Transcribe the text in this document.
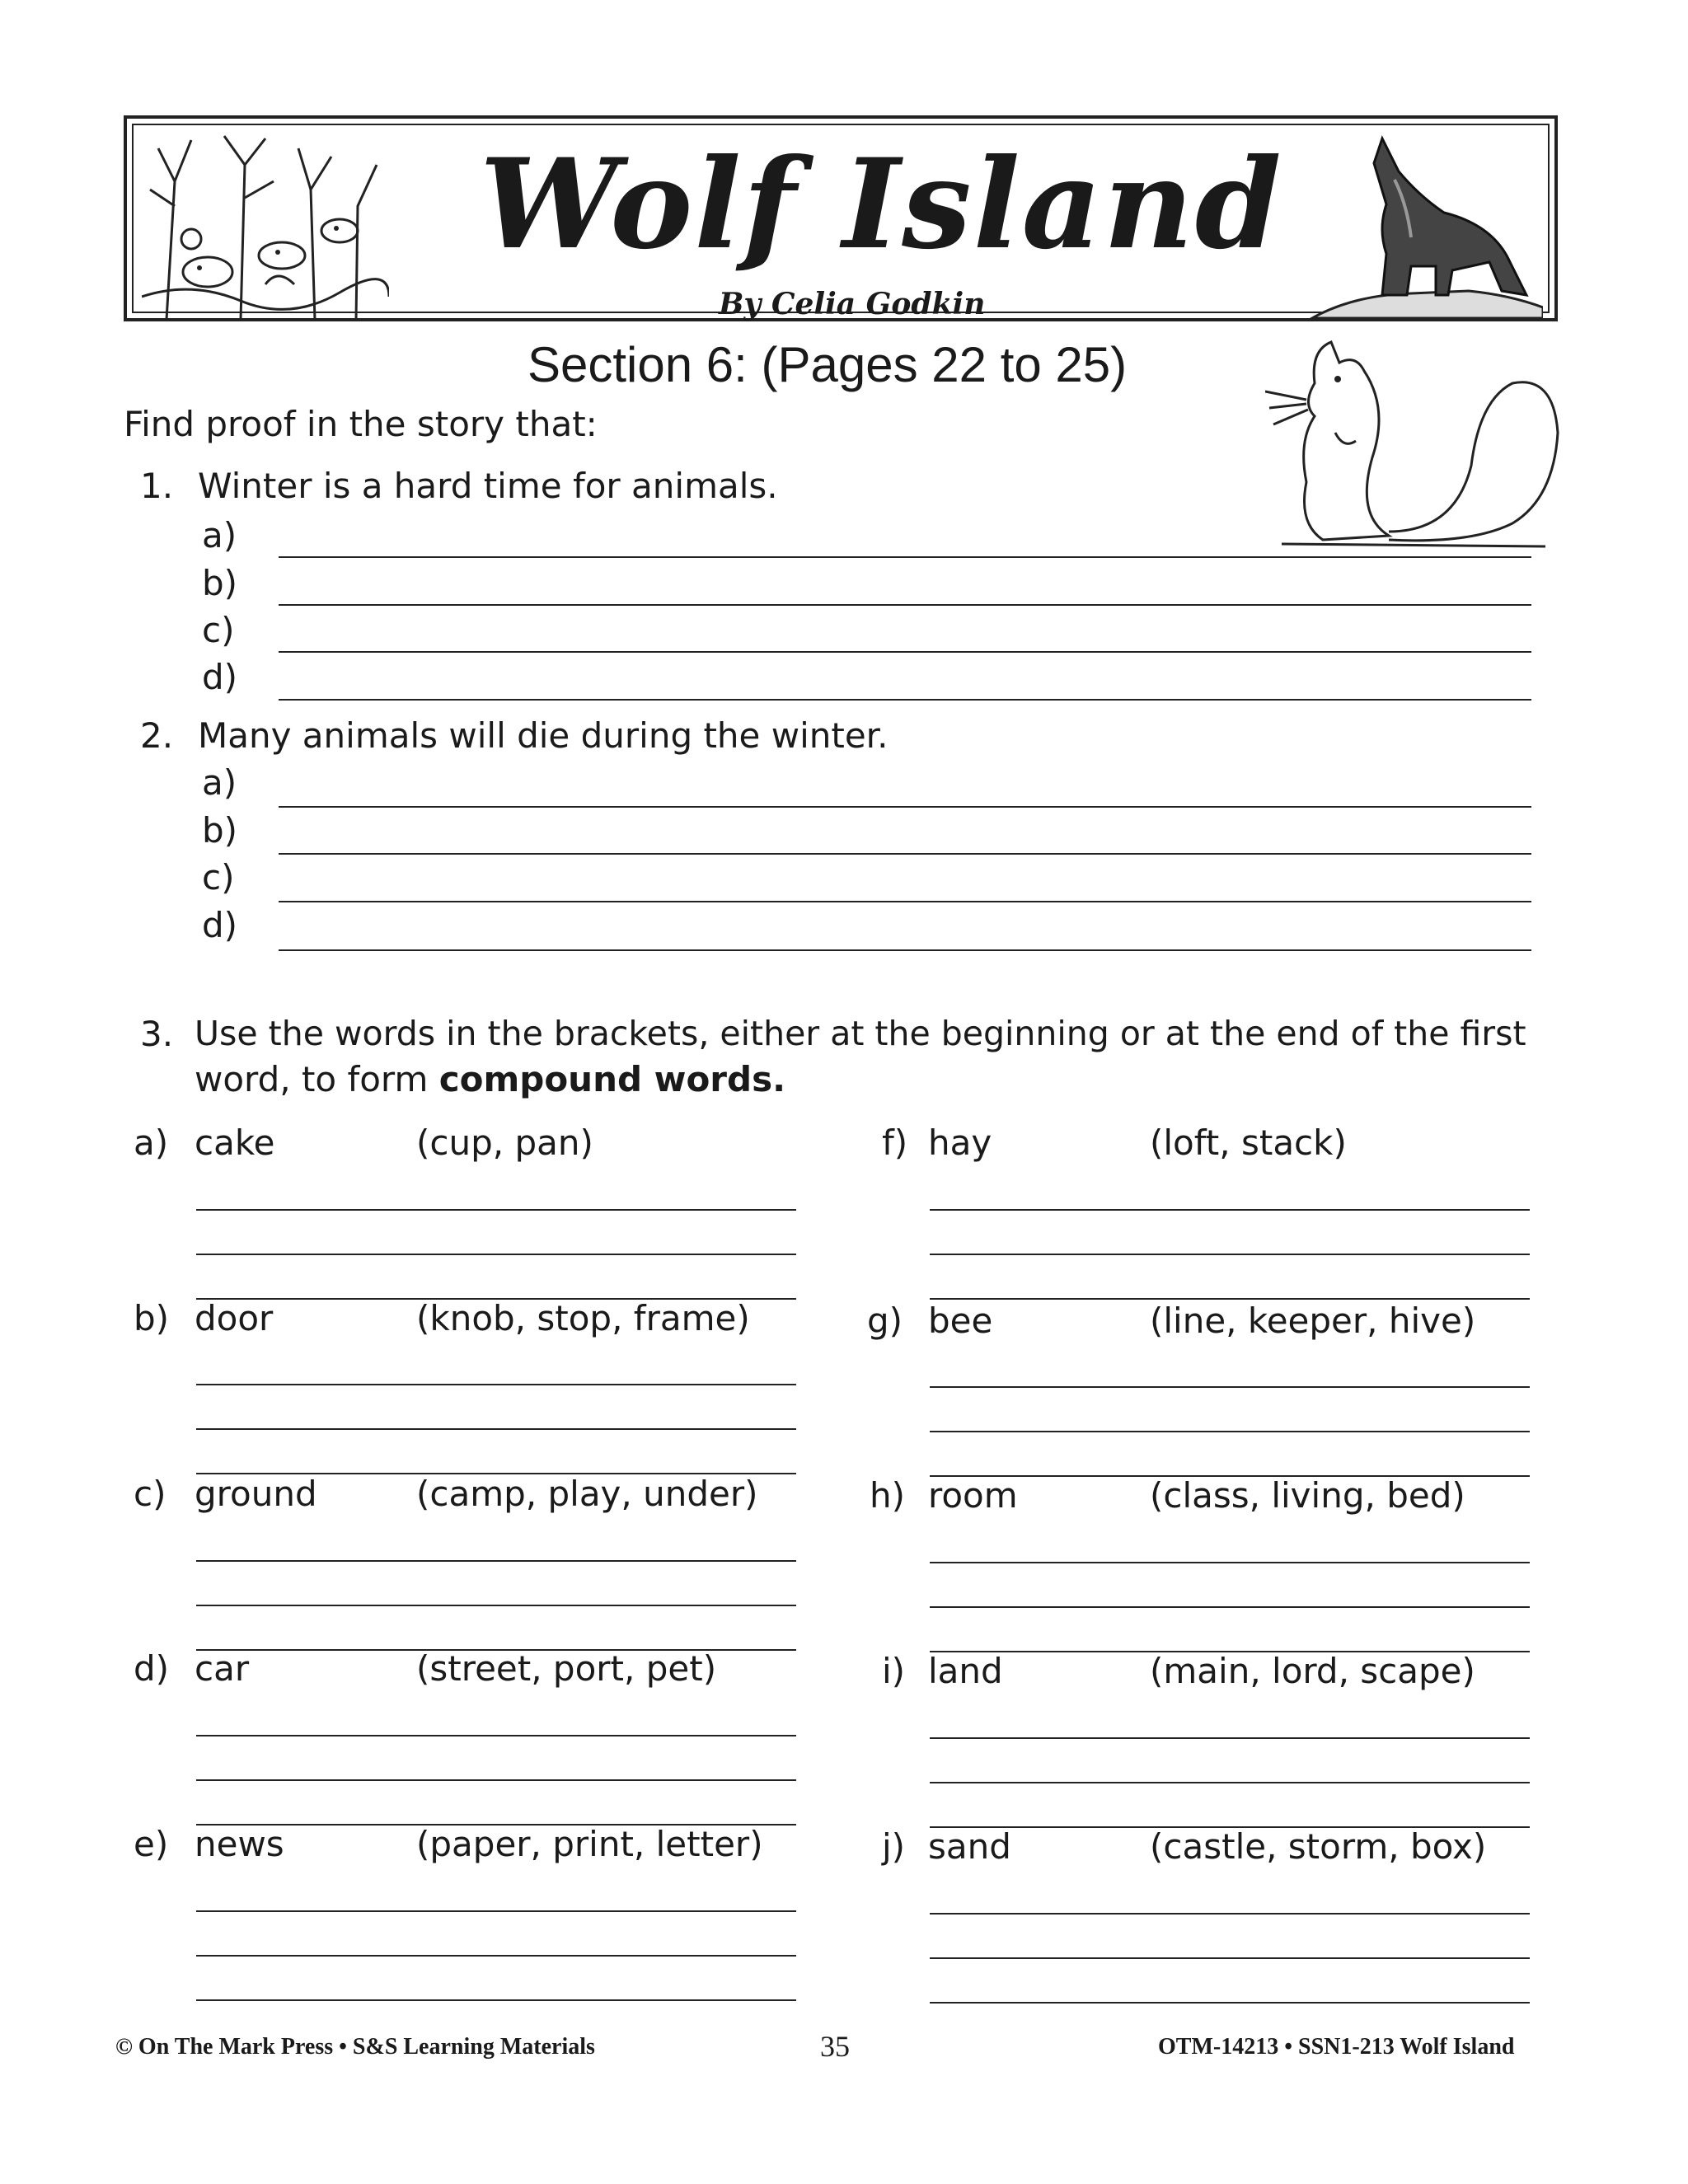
Wolf Island
By Celia Godkin
Section 6: (Pages 22 to 25)
Find proof in the story that:
1. Winter is a hard time for animals.
a)
b)
c)
d)
2. Many animals will die during the winter.
a)
b)
c)
d)
3. Use the words in the brackets, either at the beginning or at the end of the first
word, to form compound words.
a) cake	(cup, pan)
b) door	(knob, stop, frame)
c) ground	(camp, play, under)
d) car	(street, port, pet)
e) news	(paper, print, letter)
f) hay	(loft, stack)
g) bee	(line, keeper, hive)
h) room	(class, living, bed)
i) land	(main, lord, scape)
j) sand	(castle, storm, box)
© On The Mark Press • S&S Learning Materials	35	OTM-14213 • SSN1-213 Wolf Island
